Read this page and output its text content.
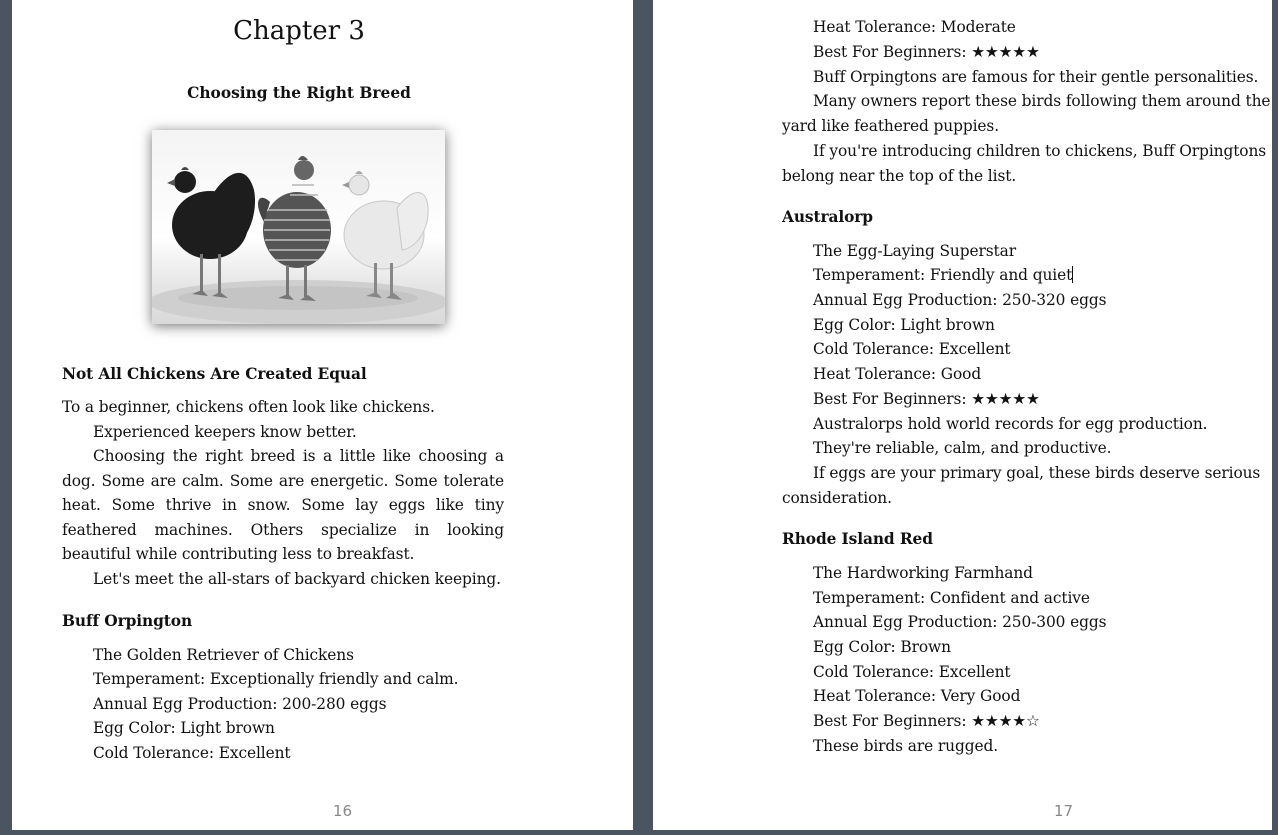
Chapter 3
Choosing the Right Breed
Not All Chickens Are Created Equal
To a beginner, chickens often look like chickens.
Experienced keepers know better.
Choosing the right breed is a little like choosing a dog. Some are calm. Some are energetic. Some tolerate heat. Some thrive in snow. Some lay eggs like tiny feathered machines. Others specialize in looking beautiful while contributing less to breakfast.
Let's meet the all-stars of backyard chicken keeping.
Buff Orpington
The Golden Retriever of Chickens
Temperament: Exceptionally friendly and calm.
Annual Egg Production: 200-280 eggs
Egg Color: Light brown
Cold Tolerance: Excellent
16
Heat Tolerance: Moderate
Best For Beginners: ★★★★★
Buff Orpingtons are famous for their gentle personalities.
Many owners report these birds following them around the
yard like feathered puppies.
If you're introducing children to chickens, Buff Orpingtons
belong near the top of the list.
Australorp
The Egg-Laying Superstar
Temperament: Friendly and quiet
Annual Egg Production: 250-320 eggs
Egg Color: Light brown
Cold Tolerance: Excellent
Heat Tolerance: Good
Best For Beginners: ★★★★★
Australorps hold world records for egg production.
They're reliable, calm, and productive.
If eggs are your primary goal, these birds deserve serious
consideration.
Rhode Island Red
The Hardworking Farmhand
Temperament: Confident and active
Annual Egg Production: 250-300 eggs
Egg Color: Brown
Cold Tolerance: Excellent
Heat Tolerance: Very Good
Best For Beginners: ★★★★☆
These birds are rugged.
17
